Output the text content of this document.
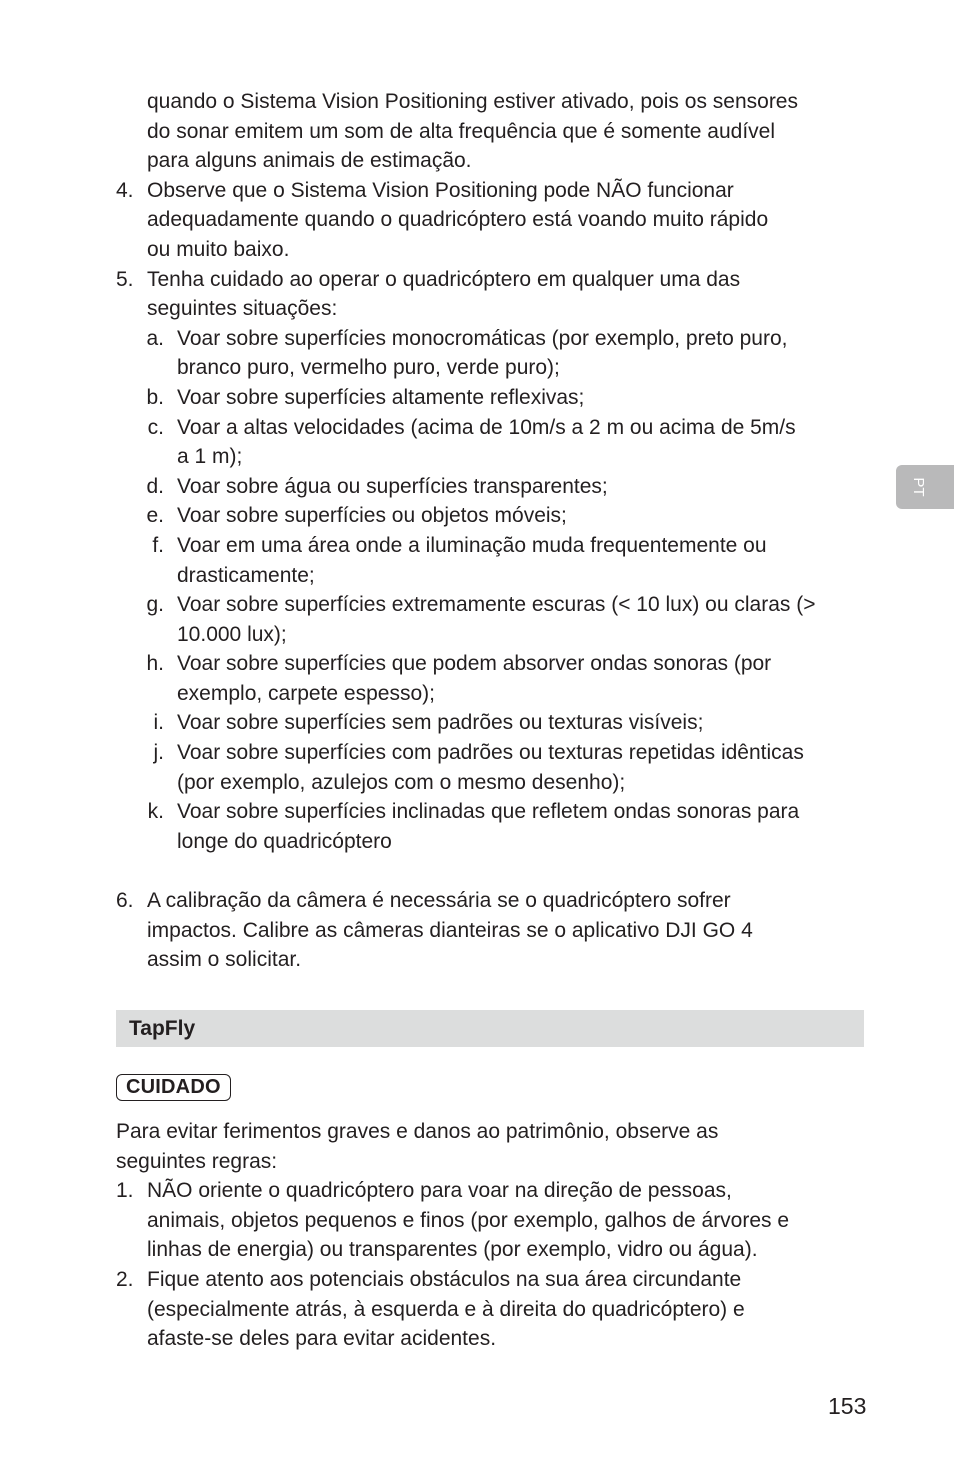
quando o Sistema Vision Positioning estiver ativado, pois os sensores
do sonar emitem um som de alta frequência que é somente audível
para alguns animais de estimação.
4. Observe que o Sistema Vision Positioning pode NÃO funcionar
adequadamente quando o quadricóptero está voando muito rápido
ou muito baixo.
5. Tenha cuidado ao operar o quadricóptero em qualquer uma das
seguintes situações:
a. Voar sobre superfícies monocromáticas (por exemplo, preto puro,
branco puro, vermelho puro, verde puro);
b. Voar sobre superfícies altamente reflexivas;
c. Voar a altas velocidades (acima de 10m/s a 2 m ou acima de 5m/s
a 1 m);
d. Voar sobre água ou superfícies transparentes;
e. Voar sobre superfícies ou objetos móveis;
f. Voar em uma área onde a iluminação muda frequentemente ou
drasticamente;
g. Voar sobre superfícies extremamente escuras (< 10 lux) ou claras (>
10.000 lux);
h. Voar sobre superfícies que podem absorver ondas sonoras (por
exemplo, carpete espesso);
i. Voar sobre superfícies sem padrões ou texturas visíveis;
j. Voar sobre superfícies com padrões ou texturas repetidas idênticas
(por exemplo, azulejos com o mesmo desenho);
k. Voar sobre superfícies inclinadas que refletem ondas sonoras para
longe do quadricóptero
6. A calibração da câmera é necessária se o quadricóptero sofrer
impactos. Calibre as câmeras dianteiras se o aplicativo DJI GO 4
assim o solicitar.
TapFly
CUIDADO
Para evitar ferimentos graves e danos ao patrimônio, observe as
seguintes regras:
1. NÃO oriente o quadricóptero para voar na direção de pessoas,
animais, objetos pequenos e finos (por exemplo, galhos de árvores e
linhas de energia) ou transparentes (por exemplo, vidro ou água).
2. Fique atento aos potenciais obstáculos na sua área circundante
(especialmente atrás, à esquerda e à direita do quadricóptero) e
afaste-se deles para evitar acidentes.
PT
153
